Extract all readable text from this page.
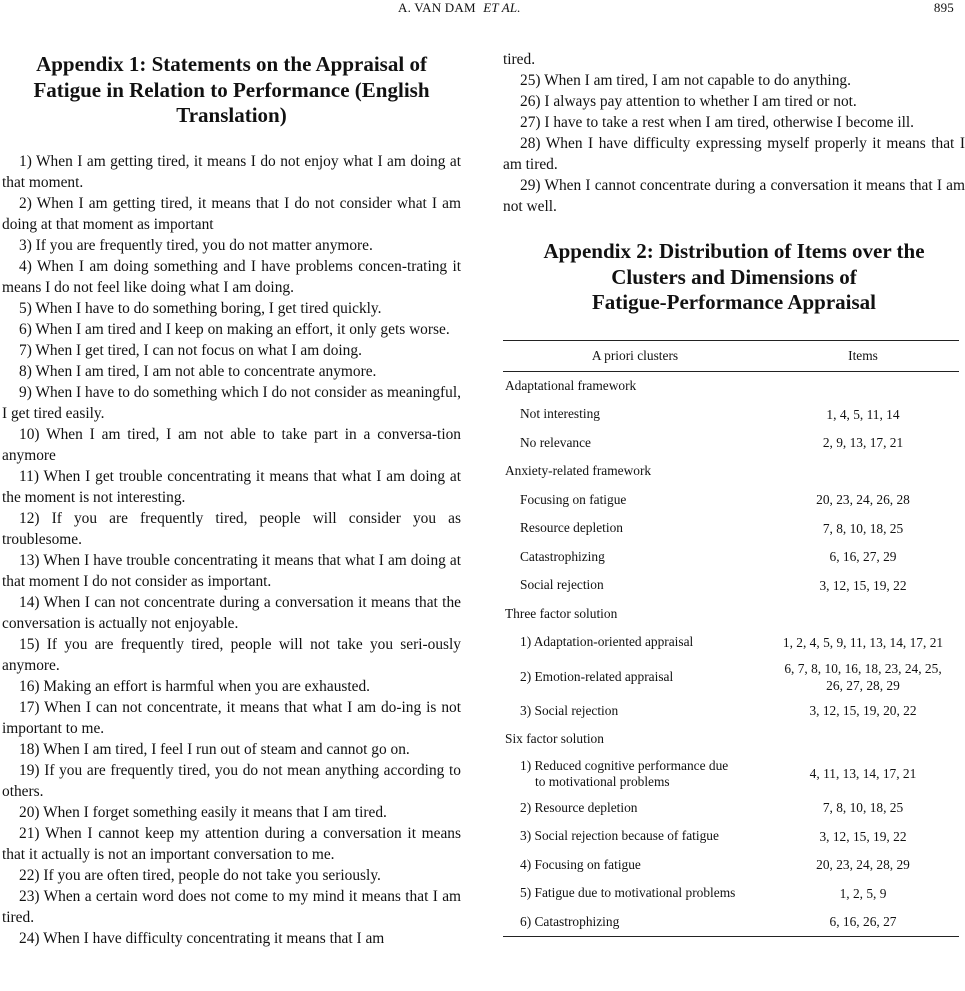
A. VAN DAM ET AL.	895
Appendix 1: Statements on the Appraisal of
Fatigue in Relation to Performance (English
Translation)

1) When I am getting tired, it means I do not enjoy what I am doing at that moment.

2) When I am getting tired, it means that I do not consider what I am doing at that moment as important

3) If you are frequently tired, you do not matter anymore.

4) When I am doing something and I have problems concen-trating it means I do not feel like doing what I am doing.

5) When I have to do something boring, I get tired quickly.

6) When I am tired and I keep on making an effort, it only gets worse.

7) When I get tired, I can not focus on what I am doing.

8) When I am tired, I am not able to concentrate anymore.

9) When I have to do something which I do not consider as meaningful, I get tired easily.

10) When I am tired, I am not able to take part in a conversa-tion anymore

11) When I get trouble concentrating it means that what I am doing at the moment is not interesting.

12) If you are frequently tired, people will consider you as troublesome.

13) When I have trouble concentrating it means that what I am doing at that moment I do not consider as important.

14) When I can not concentrate during a conversation it means that the conversation is actually not enjoyable.

15) If you are frequently tired, people will not take you seri-ously anymore.

16) Making an effort is harmful when you are exhausted.

17) When I can not concentrate, it means that what I am do-ing is not important to me.

18) When I am tired, I feel I run out of steam and cannot go on.

19) If you are frequently tired, you do not mean anything according to others.

20) When I forget something easily it means that I am tired.

21) When I cannot keep my attention during a conversation it means that it actually is not an important conversation to me.

22) If you are often tired, people do not take you seriously.

23) When a certain word does not come to my mind it means that I am tired.

24) When I have difficulty concentrating it means that I am

tired.

25) When I am tired, I am not capable to do anything.

26) I always pay attention to whether I am tired or not.

27) I have to take a rest when I am tired, otherwise I become ill.

28) When I have difficulty expressing myself properly it means that I am tired.

29) When I cannot concentrate during a conversation it means that I am not well.

Appendix 2: Distribution of Items over the
Clusters and Dimensions of
Fatigue-Performance Appraisal
A priori clusters	Items
Adaptational framework	
Not interesting	1, 4, 5, 11, 14
No relevance	2, 9, 13, 17, 21
Anxiety-related framework	
Focusing on fatigue	20, 23, 24, 26, 28
Resource depletion	7, 8, 10, 18, 25
Catastrophizing	6, 16, 27, 29
Social rejection	3, 12, 15, 19, 22
Three factor solution	
1) Adaptation-oriented appraisal	1, 2, 4, 5, 9, 11, 13, 14, 17, 21
2) Emotion-related appraisal	6, 7, 8, 10, 16, 18, 23, 24, 25,
26, 27, 28, 29
3) Social rejection	3, 12, 15, 19, 20, 22
Six factor solution	
1) Reduced cognitive performance due
to motivational problems	4, 11, 13, 14, 17, 21
2) Resource depletion	7, 8, 10, 18, 25
3) Social rejection because of fatigue	3, 12, 15, 19, 22
4) Focusing on fatigue	20, 23, 24, 28, 29
5) Fatigue due to motivational problems	1, 2, 5, 9
6) Catastrophizing	6, 16, 26, 27
